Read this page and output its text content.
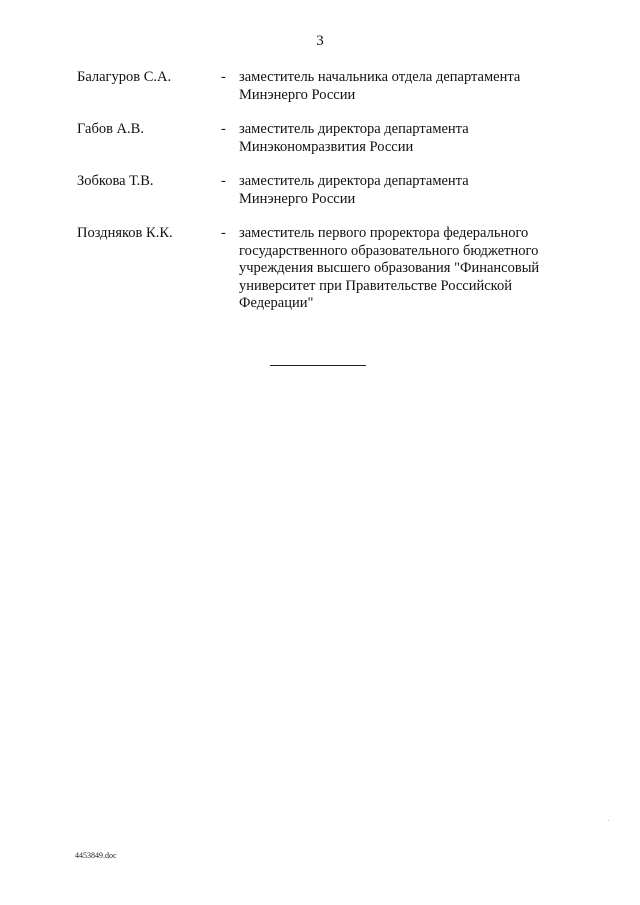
3
Балагуров С.А.	- заместитель начальника отдела департамента
Минэнерго России
Габов А.В.	- заместитель директора департамента
Минэкономразвития России
Зобкова Т.В.	- заместитель директора департамента
Минэнерго России
Поздняков К.К.	- заместитель первого проректора федерального
государственного образовательного бюджетного
учреждения высшего образования "Финансовый
университет при Правительстве Российской
Федерации"
4453849.doc
